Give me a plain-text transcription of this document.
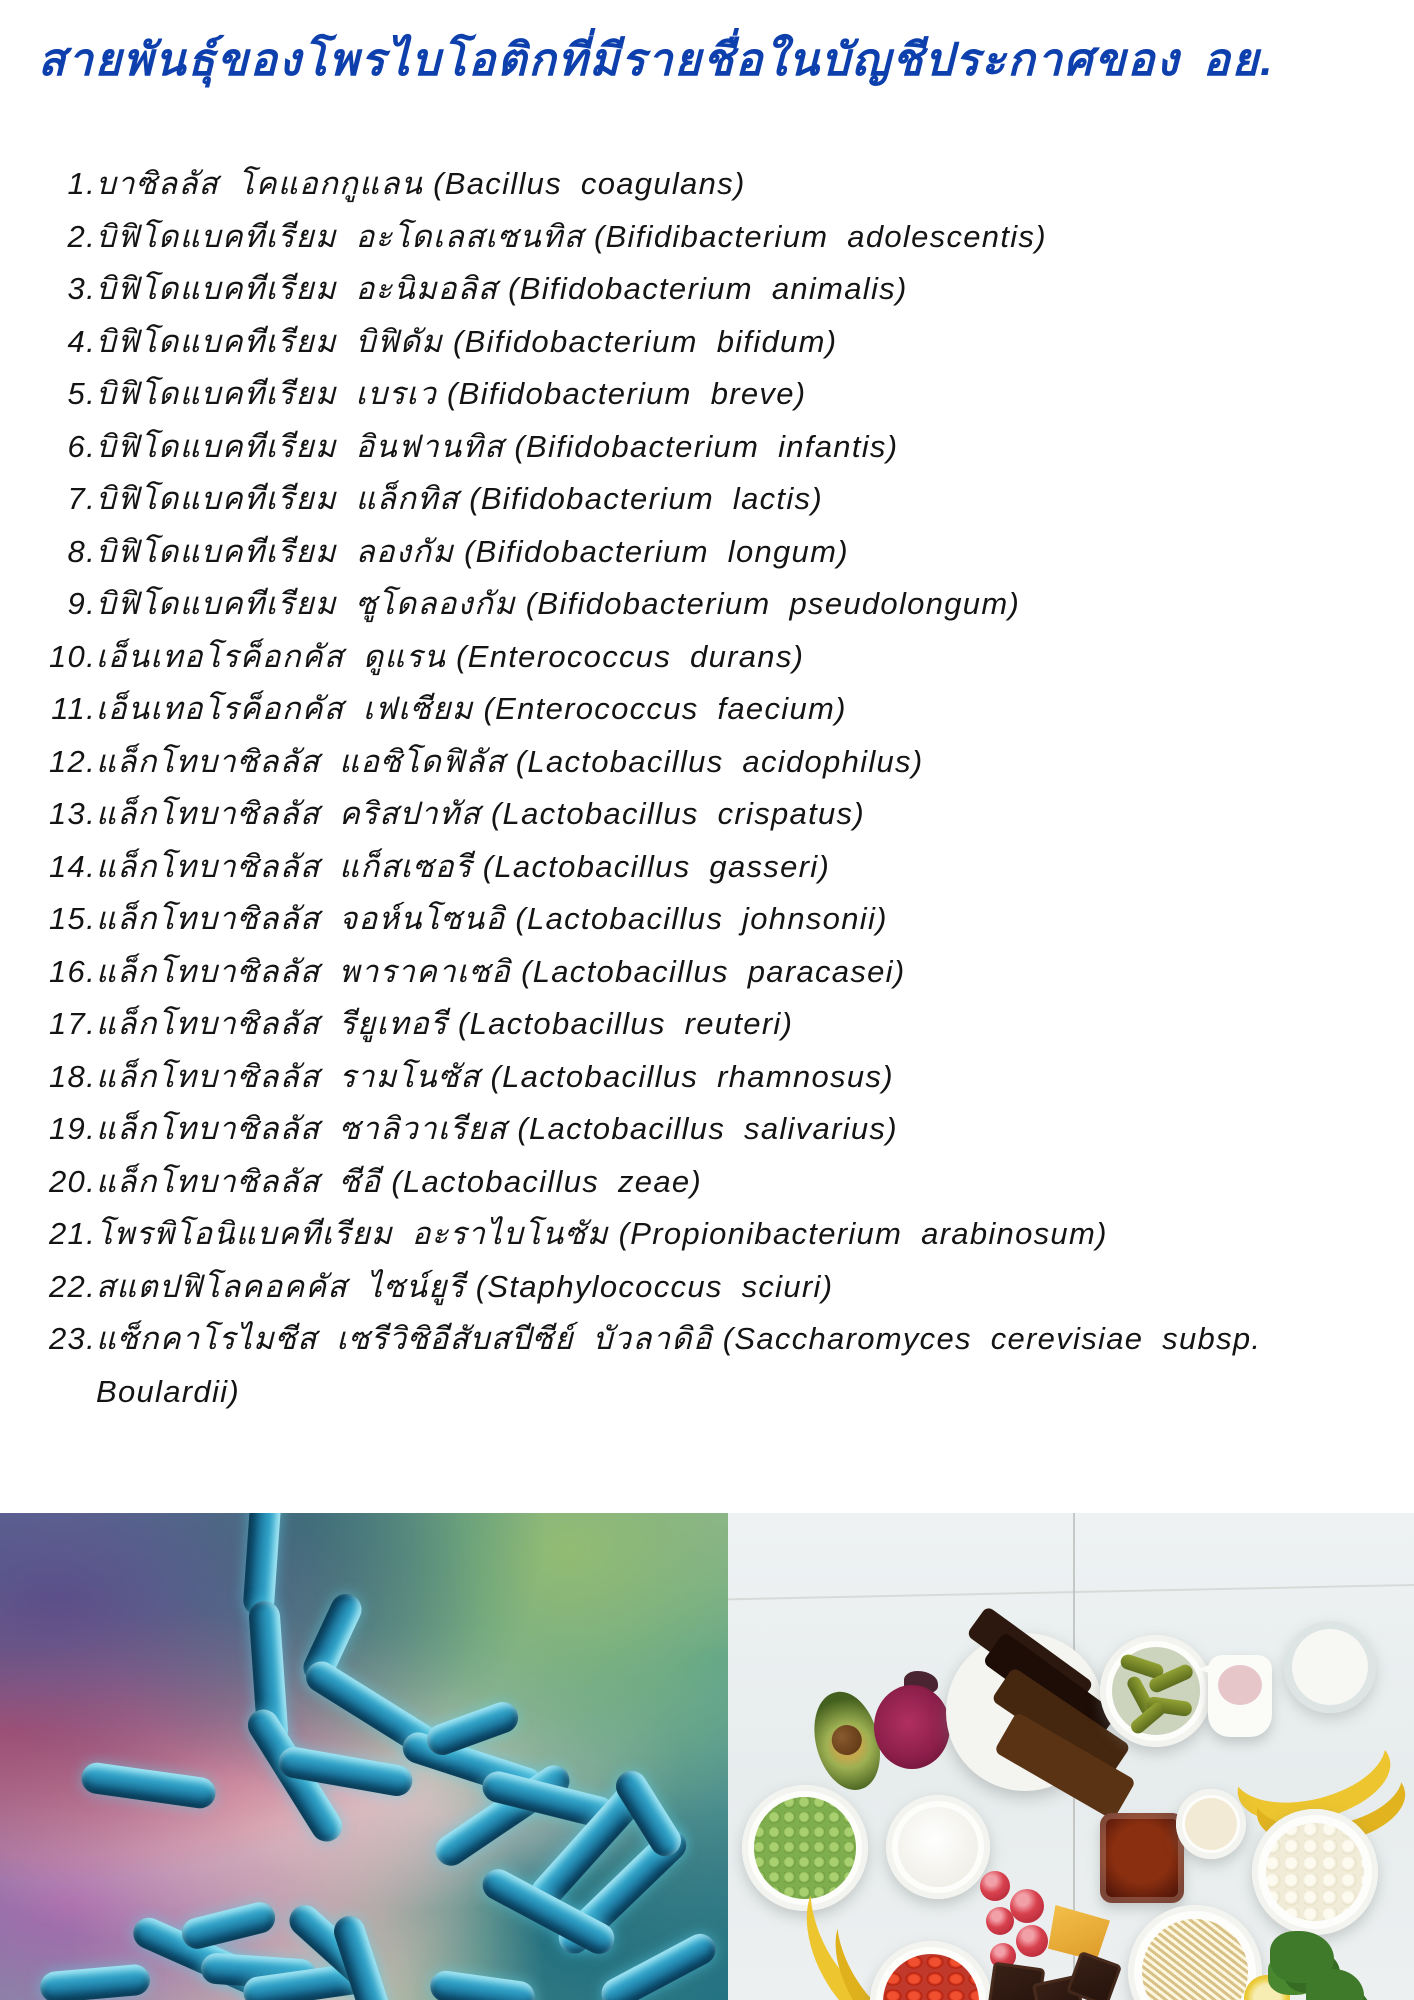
สายพันธุ์ของโพรไบโอติกที่มีรายชื่อในบัญชีประกาศของ อย.
1. บาซิลลัส โคแอกกูแลน (Bacillus coagulans)
2. บิฟิโดแบคทีเรียม อะโดเลสเซนทิส (Bifidibacterium adolescentis)
3. บิฟิโดแบคทีเรียม อะนิมอลิส (Bifidobacterium animalis)
4. บิฟิโดแบคทีเรียม บิฟิดัม (Bifidobacterium bifidum)
5. บิฟิโดแบคทีเรียม เบรเว (Bifidobacterium breve)
6. บิฟิโดแบคทีเรียม อินฟานทิส (Bifidobacterium infantis)
7. บิฟิโดแบคทีเรียม แล็กทิส (Bifidobacterium lactis)
8. บิฟิโดแบคทีเรียม ลองกัม (Bifidobacterium longum)
9. บิฟิโดแบคทีเรียม ซูโดลองกัม (Bifidobacterium pseudolongum)
10. เอ็นเทอโรค็อกคัส ดูแรน (Enterococcus durans)
11. เอ็นเทอโรค็อกคัส เฟเซียม (Enterococcus faecium)
12. แล็กโทบาซิลลัส แอซิโดฟิลัส (Lactobacillus acidophilus)
13. แล็กโทบาซิลลัส คริสปาทัส (Lactobacillus crispatus)
14. แล็กโทบาซิลลัส แก็สเซอรี (Lactobacillus gasseri)
15. แล็กโทบาซิลลัส จอห์นโซนอิ (Lactobacillus johnsonii)
16. แล็กโทบาซิลลัส พาราคาเซอิ (Lactobacillus paracasei)
17. แล็กโทบาซิลลัส รียูเทอรี (Lactobacillus reuteri)
18. แล็กโทบาซิลลัส รามโนซัส (Lactobacillus rhamnosus)
19. แล็กโทบาซิลลัส ซาลิวาเรียส (Lactobacillus salivarius)
20. แล็กโทบาซิลลัส ซีอี (Lactobacillus zeae)
21. โพรพิโอนิแบคทีเรียม อะราไบโนซัม (Propionibacterium arabinosum)
22. สแตปฟิโลคอคคัส ไซน์ยูรี (Staphylococcus sciuri)
23. แซ็กคาโรไมซีส เซรีวิซิอีสับสปีซีย์ บัวลาดิอิ (Saccharomyces cerevisiae subsp. Boulardii)
